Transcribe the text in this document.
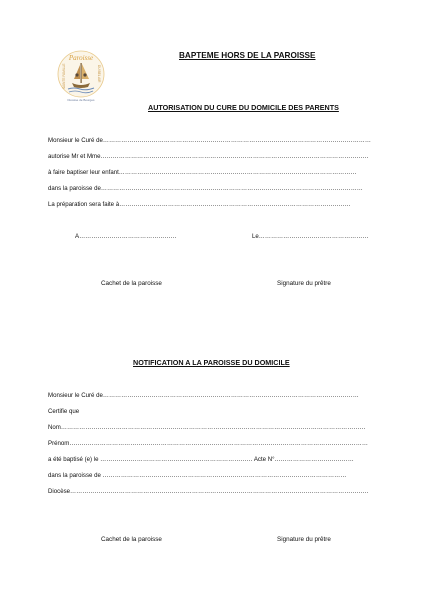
Paroisse
SAINTE FAMILLE	DU BEL AIR
Diocèse de Bourges
BAPTEME HORS DE LA PAROISSE
AUTORISATION DU CURE DU DOMICILE DES PARENTS
Monsieur le Curé de……………………………………………………………………………………………………………………
autorise Mr et Mme……………………………………………………………………………………………………………………
à faire baptiser leur enfant………………………………………………………………………………………………………
dans la paroisse de…………………………………………………………………………………………………………………
La préparation sera faite à……………………………………………………………………………………………………
A…………………………………………	Le………………………………………………
Cachet de la paroisse	Signature du prêtre
NOTIFICATION A LA PAROISSE DU DOMICILE
Monsieur le Curé de………………………………………………………………………………………………………………
Certifie que
Nom……………………………………………………………………………………………………………………………………
Prénom…………………………………………………………………………………………………………………………………
a été baptisé (e) le ………………………………………………………………… Acte N°…………………………………
dans la paroisse de …………………………………………………………………………………………………………
Diocèse…………………………………………………………………………………………………………………………………
Cachet de la paroisse	Signature du prêtre
